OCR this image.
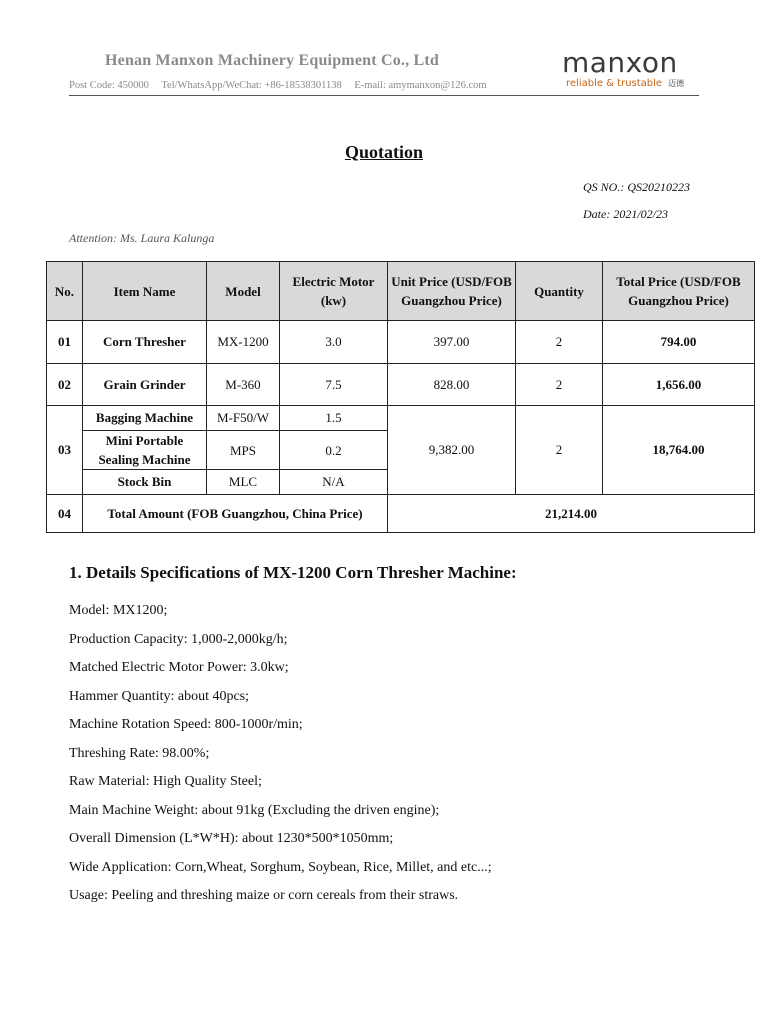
Henan Manxon Machinery Equipment Co., Ltd
Post Code: 450000 Tel/WhatsApp/WeChat: +86-18538301138 E-mail: amymanxon@126.com
manxon
reliable & trustable 迈德
Quotation
QS NO.: QS20210223
Date: 2021/02/23
Attention: Ms. Laura Kalunga
No.	Item Name	Model	Electric Motor (kw)	Unit Price (USD/FOB Guangzhou Price)	Quantity	Total Price (USD/FOB Guangzhou Price)
01	Corn Thresher	MX-1200	3.0	397.00	2	794.00
02	Grain Grinder	M-360	7.5	828.00	2	1,656.00
03	Bagging Machine	M-F50/W	1.5	9,382.00	2	18,764.00
	Mini Portable Sealing Machine	MPS	0.2			
	Stock Bin	MLC	N/A			
04	Total Amount (FOB Guangzhou, China Price)			21,214.00		
1. Details Specifications of MX-1200 Corn Thresher Machine:
Model: MX1200;
Production Capacity: 1,000-2,000kg/h;
Matched Electric Motor Power: 3.0kw;
Hammer Quantity: about 40pcs;
Machine Rotation Speed: 800-1000r/min;
Threshing Rate: 98.00%;
Raw Material: High Quality Steel;
Main Machine Weight: about 91kg (Excluding the driven engine);
Overall Dimension (L*W*H): about 1230*500*1050mm;
Wide Application: Corn,Wheat, Sorghum, Soybean, Rice, Millet, and etc...;
Usage: Peeling and threshing maize or corn cereals from their straws.
